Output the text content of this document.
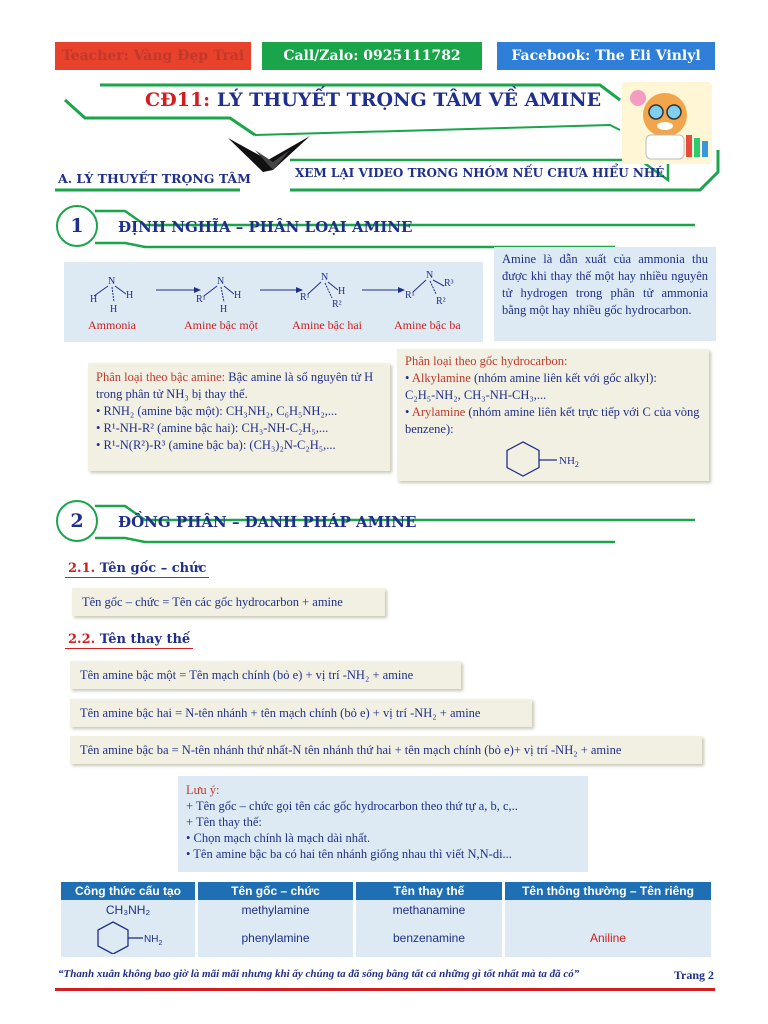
Teacher: Vàng Đẹp Trai	Call/Zalo: 0925111782	Facebook: The Eli Vinlyl
CĐ11: LÝ THUYẾT TRỌNG TÂM VỀ AMINE
A. LÝ THUYẾT TRỌNG TÂM	XEM LẠI VIDEO TRONG NHÓM NẾU CHƯA HIỂU NHÉ
1	ĐỊNH NGHĨA – PHÂN LOẠI AMINE
N
H	H
H
N
R¹	H
H
N
R¹
H
R²
N
R¹
R³
R²
Ammonia	Amine bậc một	Amine bậc hai	Amine bậc ba
Amine là dẫn xuất của ammonia thu được khi thay thế một hay nhiều nguyên tử hydrogen trong phân tử ammonia bằng một hay nhiều gốc hydrocarbon.
Phân loại theo bậc amine: Bậc amine là số nguyên tử H trong phân tử NH₃ bị thay thế.
• RNH₂ (amine bậc một): CH₃NH₂, C₆H₅NH₂,...
• R¹-NH-R² (amine bậc hai): CH₃-NH-C₂H₅,...
• R¹-N(R²)-R³ (amine bậc ba): (CH₃)₂N-C₂H₅,...
Phân loại theo gốc hydrocarbon:
• Alkylamine (nhóm amine liên kết với gốc alkyl):
C₂H₅-NH₂, CH₃-NH-CH₃,...
• Arylamine (nhóm amine liên kết trực tiếp với C của vòng benzene):
$NH_2$
2	ĐỒNG PHÂN – DANH PHÁP AMINE
2.1. Tên gốc – chức
Tên gốc – chức = Tên các gốc hydrocarbon + amine
2.2. Tên thay thế
Tên amine bậc một = Tên mạch chính (bỏ e) + vị trí -NH₂ + amine
Tên amine bậc hai = N-tên nhánh + tên mạch chính (bỏ e) + vị trí -NH₂ + amine
Tên amine bậc ba = N-tên nhánh thứ nhất-N tên nhánh thứ hai + tên mạch chính (bỏ e)+ vị trí -NH₂ + amine
Lưu ý:
+ Tên gốc – chức gọi tên các gốc hydrocarbon theo thứ tự a, b, c,..
+ Tên thay thế:
• Chọn mạch chính là mạch dài nhất.
• Tên amine bậc ba có hai tên nhánh giống nhau thì viết N,N-di...
Công thức cấu tạo	Tên gốc – chức	Tên thay thế	Tên thông thường – Tên riêng
CH₃NH₂	methylamine	methanamine	

$NH_2$	phenylamine	benzenamine	Aniline
“Thanh xuân không bao giờ là mãi mãi nhưng khi ấy chúng ta đã sống bằng tất cả những gì tốt nhất mà ta đã có”	Trang 2
